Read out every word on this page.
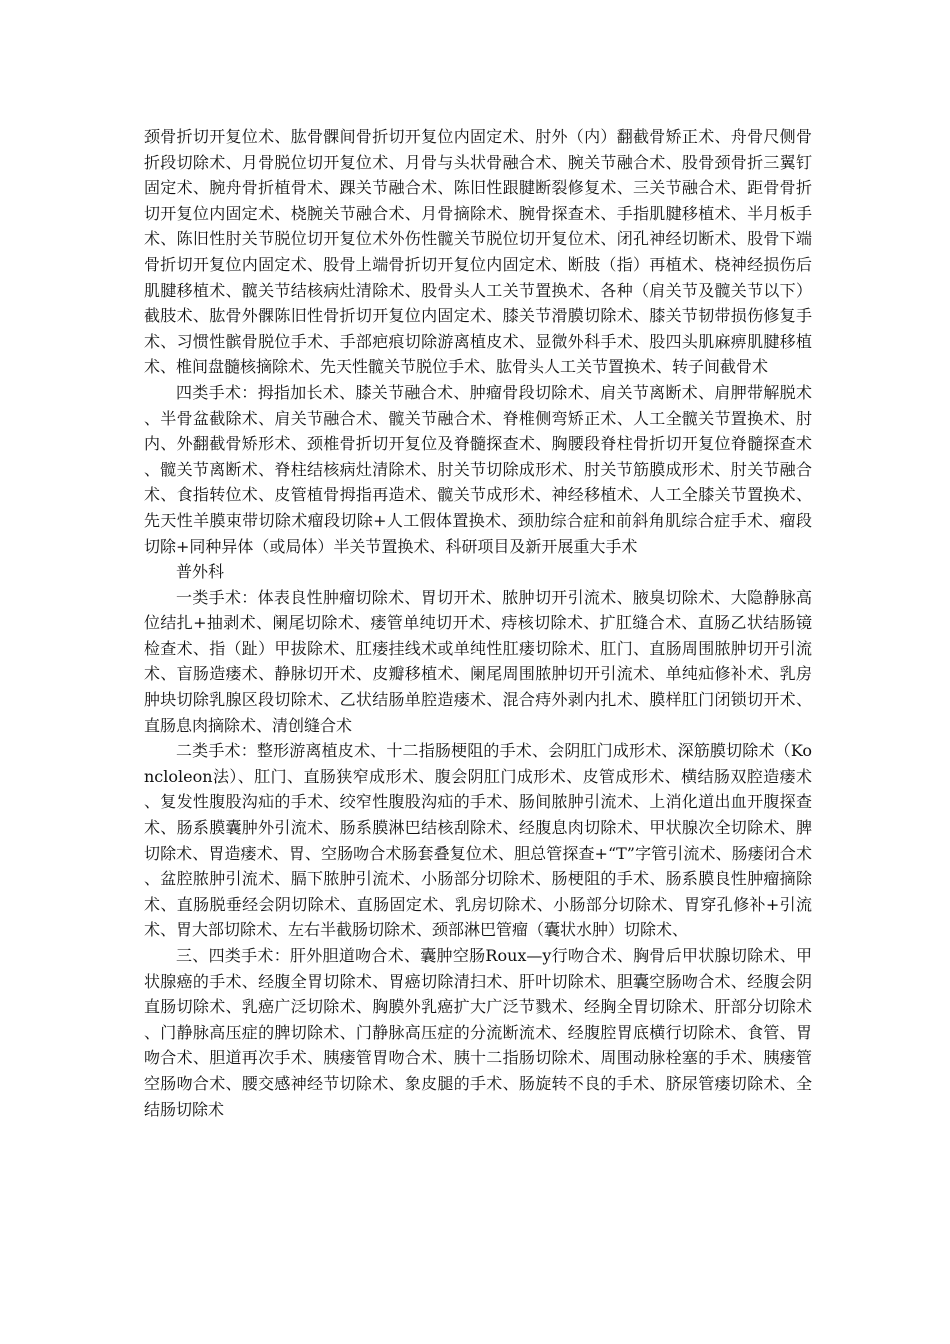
颈骨折切开复位术、肱骨髁间骨折切开复位内固定术、肘外（内）翻截骨矫正术、舟骨尺侧骨折段切除术、月骨脱位切开复位术、月骨与头状骨融合术、腕关节融合术、股骨颈骨折三翼钉固定术、腕舟骨折植骨术、踝关节融合术、陈旧性跟腱断裂修复术、三关节融合术、距骨骨折切开复位内固定术、桡腕关节融合术、月骨摘除术、腕骨探查术、手指肌腱移植术、半月板手术、陈旧性肘关节脱位切开复位术外伤性髋关节脱位切开复位术、闭孔神经切断术、股骨下端骨折切开复位内固定术、股骨上端骨折切开复位内固定术、断肢（指）再植术、桡神经损伤后肌腱移植术、髋关节结核病灶清除术、股骨头人工关节置换术、各种（肩关节及髋关节以下）截肢术、肱骨外髁陈旧性骨折切开复位内固定术、膝关节滑膜切除术、膝关节韧带损伤修复手术、习惯性髌骨脱位手术、手部疤痕切除游离植皮术、显微外科手术、股四头肌麻痹肌腱移植术、椎间盘髓核摘除术、先天性髋关节脱位手术、肱骨头人工关节置换术、转子间截骨术

四类手术：拇指加长术、膝关节融合术、肿瘤骨段切除术、肩关节离断术、肩胛带解脱术、半骨盆截除术、肩关节融合术、髋关节融合术、脊椎侧弯矫正术、人工全髋关节置换术、肘内、外翻截骨矫形术、颈椎骨折切开复位及脊髓探查术、胸腰段脊柱骨折切开复位脊髓探查术、髋关节离断术、脊柱结核病灶清除术、肘关节切除成形术、肘关节筋膜成形术、肘关节融合术、食指转位术、皮管植骨拇指再造术、髋关节成形术、神经移植术、人工全膝关节置换术、先天性羊膜束带切除术瘤段切除+人工假体置换术、颈肋综合症和前斜角肌综合症手术、瘤段切除+同种异体（或局体）半关节置换术、科研项目及新开展重大手术

普外科

一类手术：体表良性肿瘤切除术、胃切开术、脓肿切开引流术、腋臭切除术、大隐静脉高位结扎+抽剥术、阑尾切除术、瘘管单纯切开术、痔核切除术、扩肛缝合术、直肠乙状结肠镜检查术、指（趾）甲拔除术、肛瘘挂线术或单纯性肛瘘切除术、肛门、直肠周围脓肿切开引流术、盲肠造瘘术、静脉切开术、皮瓣移植术、阑尾周围脓肿切开引流术、单纯疝修补术、乳房肿块切除乳腺区段切除术、乙状结肠单腔造瘘术、混合痔外剥内扎术、膜样肛门闭锁切开术、直肠息肉摘除术、清创缝合术

二类手术：整形游离植皮术、十二指肠梗阻的手术、会阴肛门成形术、深筋膜切除术（Koncloleon法）、肛门、直肠狭窄成形术、腹会阴肛门成形术、皮管成形术、横结肠双腔造瘘术、复发性腹股沟疝的手术、绞窄性腹股沟疝的手术、肠间脓肿引流术、上消化道出血开腹探查术、肠系膜囊肿外引流术、肠系膜淋巴结核刮除术、经腹息肉切除术、甲状腺次全切除术、脾切除术、胃造瘘术、胃、空肠吻合术肠套叠复位术、胆总管探查+“T”字管引流术、肠瘘闭合术、盆腔脓肿引流术、膈下脓肿引流术、小肠部分切除术、肠梗阻的手术、肠系膜良性肿瘤摘除术、直肠脱垂经会阴切除术、直肠固定术、乳房切除术、小肠部分切除术、胃穿孔修补+引流术、胃大部切除术、左右半截肠切除术、颈部淋巴管瘤（囊状水肿）切除术、

三、四类手术：肝外胆道吻合术、囊肿空肠Roux—y行吻合术、胸骨后甲状腺切除术、甲状腺癌的手术、经腹全胃切除术、胃癌切除清扫术、肝叶切除术、胆囊空肠吻合术、经腹会阴直肠切除术、乳癌广泛切除术、胸膜外乳癌扩大广泛节戮术、经胸全胃切除术、肝部分切除术、门静脉高压症的脾切除术、门静脉高压症的分流断流术、经腹腔胃底横行切除术、食管、胃吻合术、胆道再次手术、胰瘘管胃吻合术、胰十二指肠切除术、周围动脉栓塞的手术、胰瘘管空肠吻合术、腰交感神经节切除术、象皮腿的手术、肠旋转不良的手术、脐尿管瘘切除术、全结肠切除术
